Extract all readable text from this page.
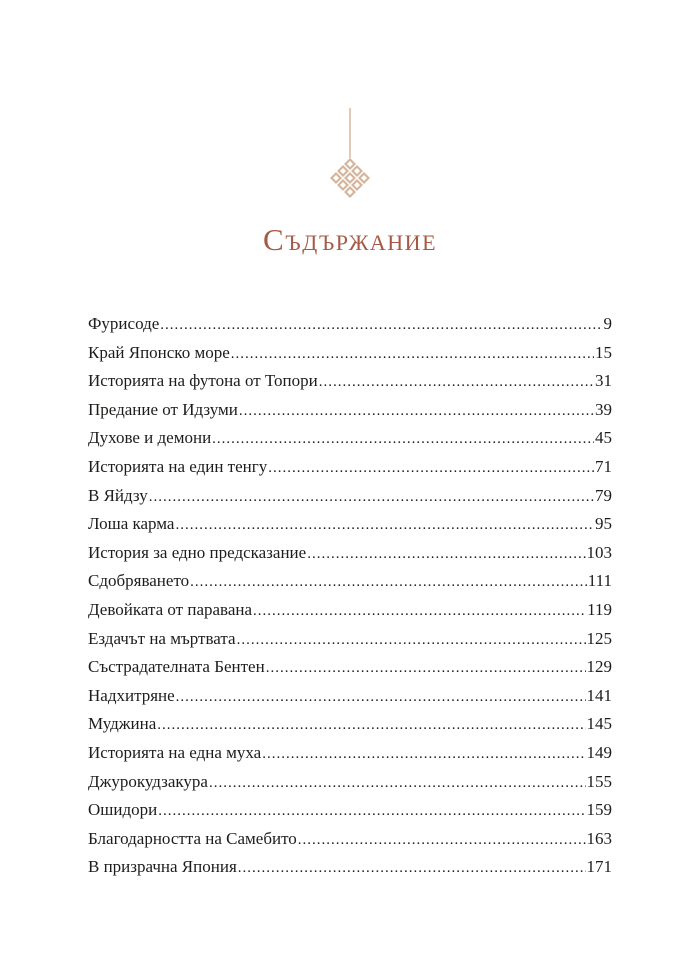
Съдържание
Фурисоде .....	9
Край Японско море .....	15
Историята на футона от Топори .....	31
Предание от Идзуми .....	39
Духове и демони .....	45
Историята на един тенгу .....	71
В Яйдзу .....	79
Лоша карма .....	95
История за едно предсказание .....	103
Сдобряването .....	111
Девойката от паравана .....	119
Ездачът на мъртвата .....	125
Състрадателната Бентен .....	129
Надхитряне .....	141
Муджина .....	145
Историята на една муха .....	149
Джурокудзакура .....	155
Ошидори .....	159
Благодарността на Самебито .....	163
В призрачна Япония .....	171
